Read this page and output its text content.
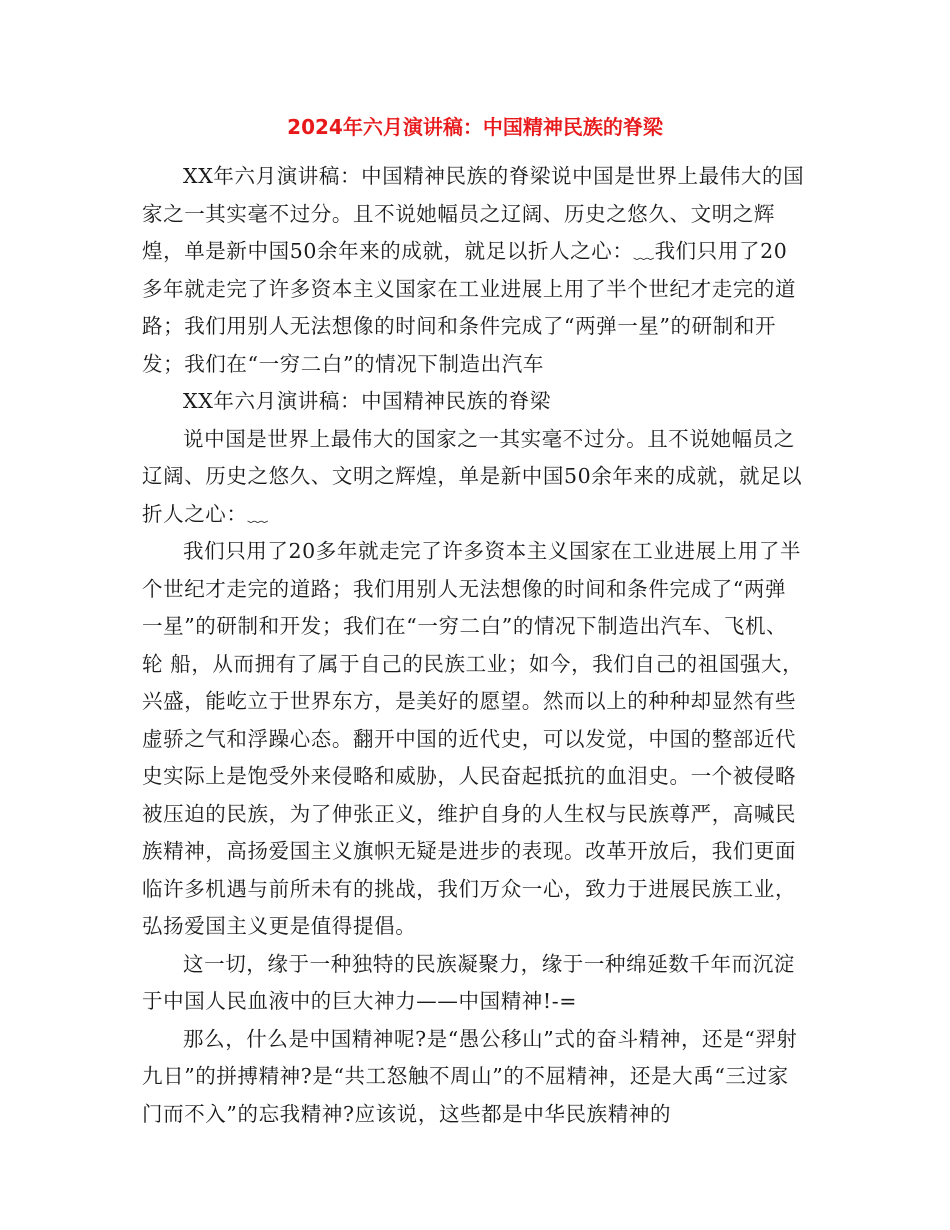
2024年六月演讲稿：中国精神民族的脊梁

XX年六月演讲稿：中国精神民族的脊梁说中国是世界上最伟大的国家之一其实毫不过分。且不说她幅员之辽阔、历史之悠久、文明之辉煌，单是新中国50余年来的成就，就足以折人之心：﹏我们只用了20多年就走完了许多资本主义国家在工业进展上用了半个世纪才走完的道路；我们用别人无法想像的时间和条件完成了“两弹一星”的研制和开发；我们在“一穷二白”的情况下制造出汽车

XX年六月演讲稿：中国精神民族的脊梁

说中国是世界上最伟大的国家之一其实毫不过分。且不说她幅员之辽阔、历史之悠久、文明之辉煌，单是新中国50余年来的成就，就足以折人之心：﹏

我们只用了20多年就走完了许多资本主义国家在工业进展上用了半个世纪才走完的道路；我们用别人无法想像的时间和条件完成了“两弹一星”的研制和开发；我们在“一穷二白”的情况下制造出汽车、飞机、轮 船，从而拥有了属于自己的民族工业；如今，我们自己的祖国强大，兴盛，能屹立于世界东方，是美好的愿望。然而以上的种种却显然有些虚骄之气和浮躁心态。翻开中国的近代史，可以发觉，中国的整部近代史实际上是饱受外来侵略和威胁，人民奋起抵抗的血泪史。一个被侵略被压迫的民族，为了伸张正义，维护自身的人生权与民族尊严，高喊民族精神，高扬爱国主义旗帜无疑是进步的表现。改革开放后，我们更面临许多机遇与前所未有的挑战，我们万众一心，致力于进展民族工业，弘扬爱国主义更是值得提倡。

这一切，缘于一种独特的民族凝聚力，缘于一种绵延数千年而沉淀于中国人民血液中的巨大神力——中国精神!-=

那么，什么是中国精神呢?是“愚公移山”式的奋斗精神，还是“羿射九日”的拼搏精神?是“共工怒触不周山”的不屈精神，还是大禹“三过家门而不入”的忘我精神?应该说，这些都是中华民族精神的
